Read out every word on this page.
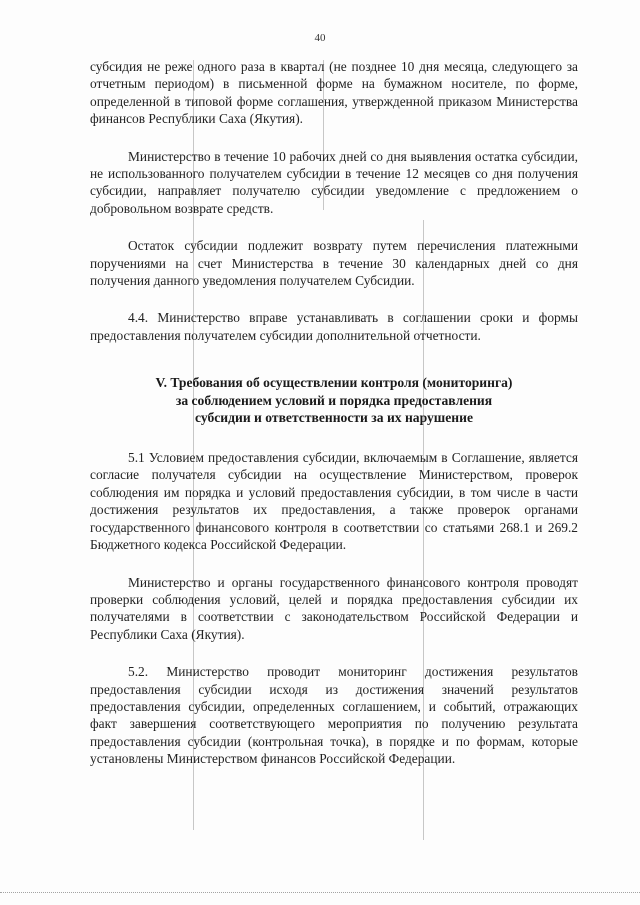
40

субсидия не реже одного раза в квартал (не позднее 10 дня месяца, следующего за отчетным периодом) в письменной форме на бумажном носителе, по форме, определенной в типовой форме соглашения, утвержденной приказом Министерства финансов Республики Саха (Якутия).

Министерство в течение 10 рабочих дней со дня выявления остатка субсидии, не использованного получателем субсидии в течение 12 месяцев со дня получения субсидии, направляет получателю субсидии уведомление с предложением о добровольном возврате средств.

Остаток субсидии подлежит возврату путем перечисления платежными поручениями на счет Министерства в течение 30 календарных дней со дня получения данного уведомления получателем Субсидии.

4.4. Министерство вправе устанавливать в соглашении сроки и формы предоставления получателем субсидии дополнительной отчетности.

V. Требования об осуществлении контроля (мониторинга)
за соблюдением условий и порядка предоставления
субсидии и ответственности за их нарушение

5.1 Условием предоставления субсидии, включаемым в Соглашение, является согласие получателя субсидии на осуществление Министерством, проверок соблюдения им порядка и условий предоставления субсидии, в том числе в части достижения результатов их предоставления, а также проверок органами государственного финансового контроля в соответствии со статьями 268.1 и 269.2 Бюджетного кодекса Российской Федерации.

Министерство и органы государственного финансового контроля проводят проверки соблюдения условий, целей и порядка предоставления субсидии их получателями в соответствии с законодательством Российской Федерации и Республики Саха (Якутия).

5.2. Министерство проводит мониторинг достижения результатов предоставления субсидии исходя из достижения значений результатов предоставления субсидии, определенных соглашением, и событий, отражающих факт завершения соответствующего мероприятия по получению результата предоставления субсидии (контрольная точка), в порядке и по формам, которые установлены Министерством финансов Российской Федерации.
